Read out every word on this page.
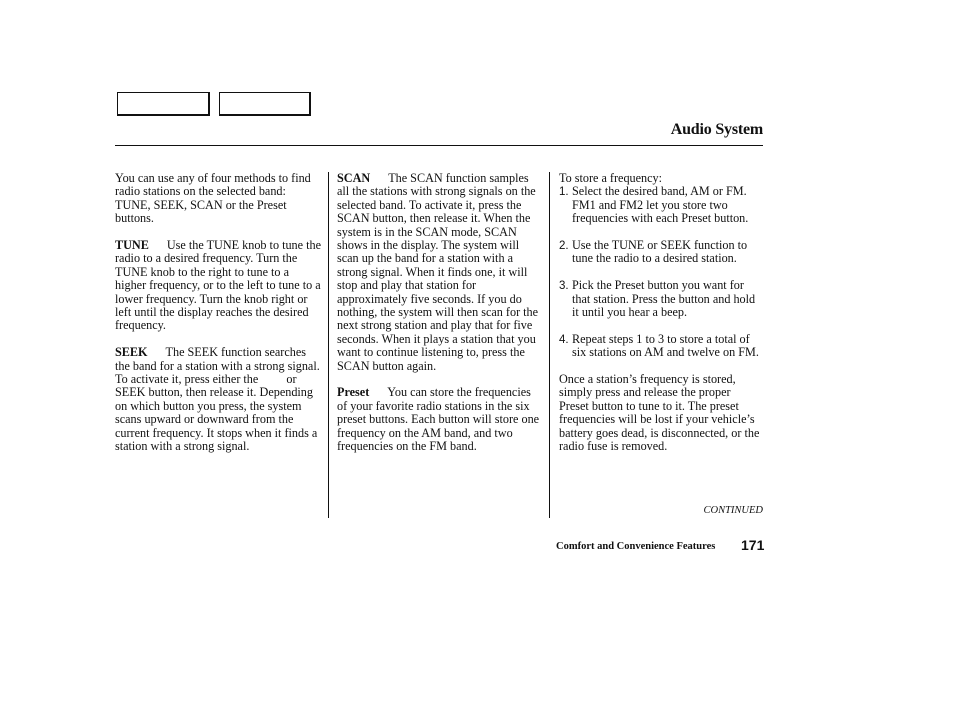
Audio System

You can use any of four methods to find radio stations on the selected band: TUNE, SEEK, SCAN or the Preset buttons.

TUNE Use the TUNE knob to tune the radio to a desired frequency. Turn the TUNE knob to the right to tune to a higher frequency, or to the left to tune to a lower frequency. Turn the knob right or left until the display reaches the desired frequency.

SEEK The SEEK function searches the band for a station with a strong signal. To activate it, press either the or  SEEK button, then release it. Depending on which button you press, the system scans upward or downward from the current frequency. It stops when it finds a station with a strong signal.

SCAN The SCAN function samples all the stations with strong signals on the selected band. To activate it, press the SCAN button, then release it. When the system is in the SCAN mode, SCAN shows in the display. The system will scan up the band for a station with a strong signal. When it finds one, it will stop and play that station for approximately five seconds. If you do nothing, the system will then scan for the next strong station and play that for five seconds. When it plays a station that you want to continue listening to, press the SCAN button again.

Preset You can store the frequencies of your favorite radio stations in the six preset buttons. Each button will store one frequency on the AM band, and two frequencies on the FM band.

To store a frequency:
1. Select the desired band, AM or FM. FM1 and FM2 let you store two frequencies with each Preset button.
2. Use the TUNE or SEEK function to tune the radio to a desired station.
3. Pick the Preset button you want for that station. Press the button and hold it until you hear a beep.
4. Repeat steps 1 to 3 to store a total of six stations on AM and twelve on FM.

Once a station’s frequency is stored, simply press and release the proper Preset button to tune to it. The preset frequencies will be lost if your vehicle’s battery goes dead, is disconnected, or the radio fuse is removed.

CONTINUED
Comfort and Convenience Features 171
